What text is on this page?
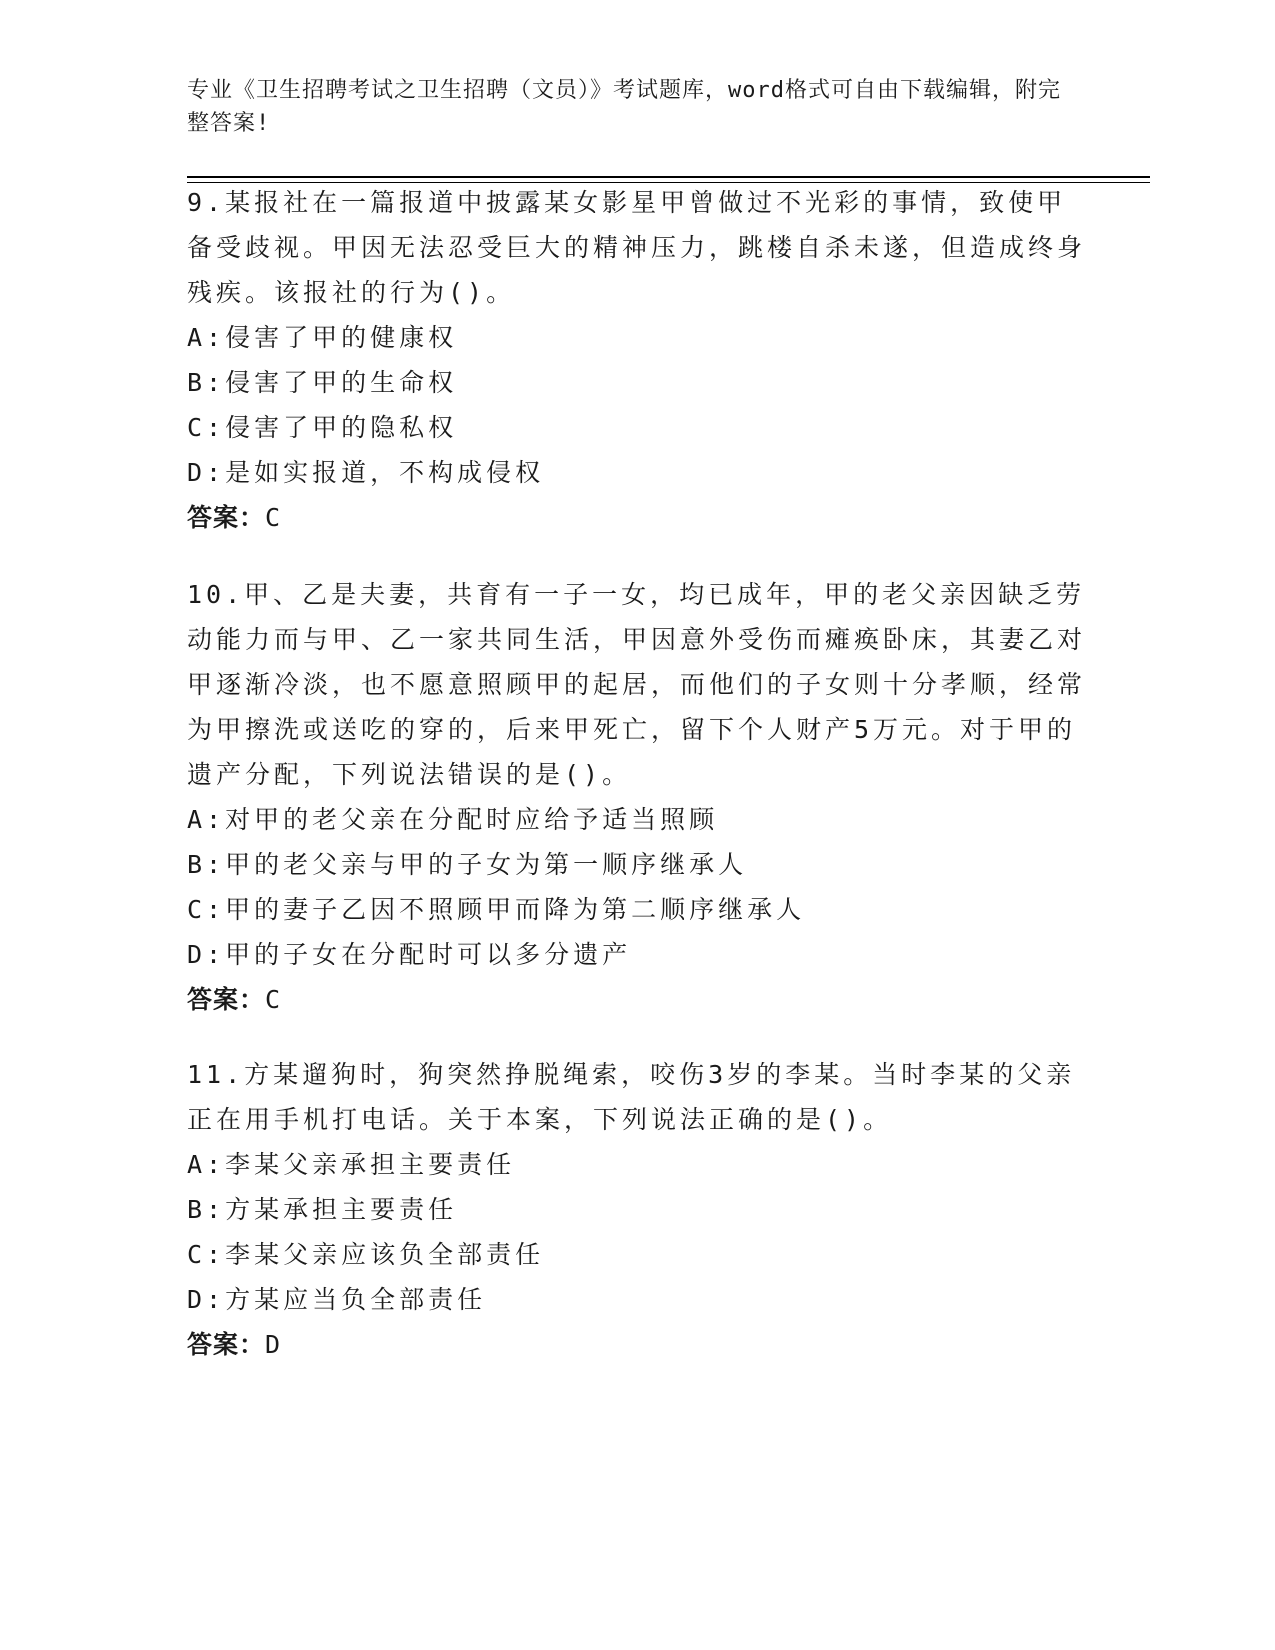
专业《卫生招聘考试之卫生招聘（文员）》考试题库，word格式可自由下载编辑，附完整答案!

9.某报社在一篇报道中披露某女影星甲曾做过不光彩的事情，致使甲备受歧视。甲因无法忍受巨大的精神压力，跳楼自杀未遂，但造成终身残疾。该报社的行为()。

A:侵害了甲的健康权

B:侵害了甲的生命权

C:侵害了甲的隐私权

D:是如实报道，不构成侵权

答案：C

10.甲、乙是夫妻，共育有一子一女，均已成年，甲的老父亲因缺乏劳动能力而与甲、乙一家共同生活，甲因意外受伤而瘫痪卧床，其妻乙对甲逐渐冷淡，也不愿意照顾甲的起居，而他们的子女则十分孝顺，经常为甲擦洗或送吃的穿的，后来甲死亡，留下个人财产5万元。对于甲的遗产分配，下列说法错误的是()。

A:对甲的老父亲在分配时应给予适当照顾

B:甲的老父亲与甲的子女为第一顺序继承人

C:甲的妻子乙因不照顾甲而降为第二顺序继承人

D:甲的子女在分配时可以多分遗产

答案：C

11.方某遛狗时，狗突然挣脱绳索，咬伤3岁的李某。当时李某的父亲正在用手机打电话。关于本案，下列说法正确的是()。

A:李某父亲承担主要责任

B:方某承担主要责任

C:李某父亲应该负全部责任

D:方某应当负全部责任

答案：D
